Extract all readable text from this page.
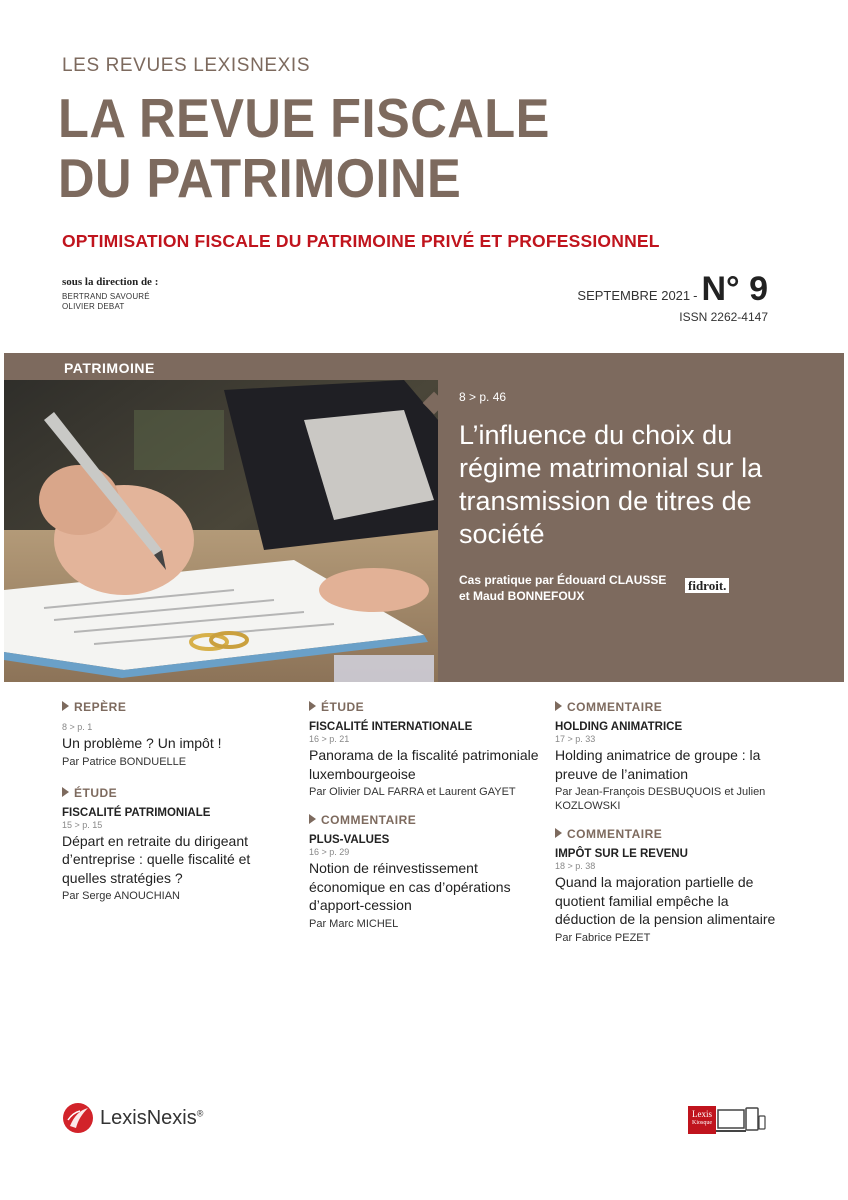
LES REVUES LEXISNEXIS
LA REVUE FISCALE
DU PATRIMOINE
OPTIMISATION FISCALE DU PATRIMOINE PRIVÉ ET PROFESSIONNEL
sous la direction de :
BERTRAND SAVOURÉ
OLIVIER DEBAT
SEPTEMBRE 2021 - N° 9
ISSN 2262-4147
PATRIMOINE
8 > p. 46
L’influence du choix du régime matrimonial sur la transmission de titres de société
Cas pratique par Édouard CLAUSSE
et Maud BONNEFOUX
fidroit.
REPÈRE
8 > p. 1
Un problème ? Un impôt !
Par Patrice BONDUELLE
ÉTUDE
FISCALITÉ PATRIMONIALE
15 > p. 15
Départ en retraite du dirigeant d’entreprise : quelle fiscalité et quelles stratégies ?
Par Serge ANOUCHIAN
ÉTUDE
FISCALITÉ INTERNATIONALE
16 > p. 21
Panorama de la fiscalité patrimoniale luxembourgeoise
Par Olivier DAL FARRA et Laurent GAYET
COMMENTAIRE
PLUS-VALUES
16 > p. 29
Notion de réinvestissement économique en cas d’opérations d’apport-cession
Par Marc MICHEL
COMMENTAIRE
HOLDING ANIMATRICE
17 > p. 33
Holding animatrice de groupe : la preuve de l’animation
Par Jean-François DESBUQUOIS et Julien KOZLOWSKI
COMMENTAIRE
IMPÔT SUR LE REVENU
18 > p. 38
Quand la majoration partielle de quotient familial empêche la déduction de la pension alimentaire
Par Fabrice PEZET
LexisNexis®	Lexis
Kiosque
